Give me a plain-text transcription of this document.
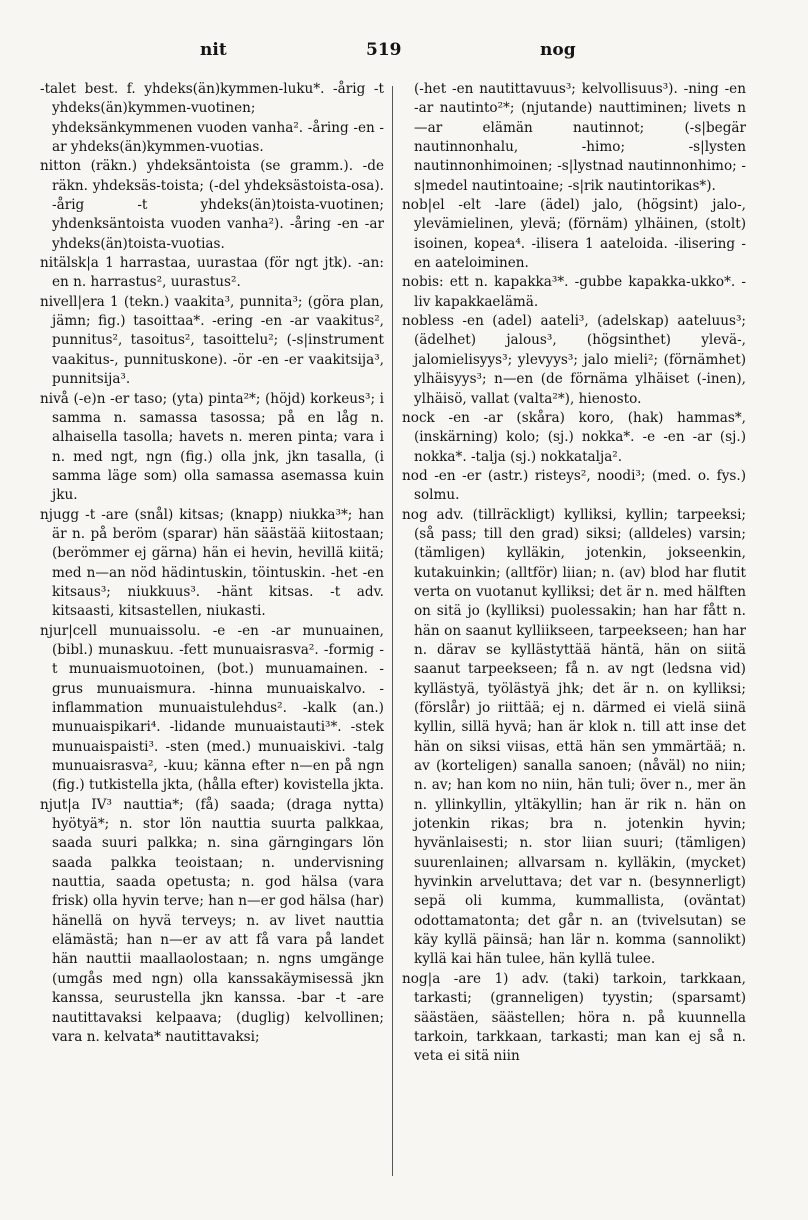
nit	519	nog

-talet best. f. yhdeks(än)kymmen-luku*. -årig -t yhdeks(än)kymmen-vuotinen; yhdeksänkymmenen vuoden vanha². -åring -en -ar yhdeks(än)kymmen-vuotias.

nitton (räkn.) yhdeksäntoista (se gramm.). -de räkn. yhdeksäs-toista; (-del yhdeksästoista-osa). -årig -t yhdeks(än)toista-vuotinen; yhdenksäntoista vuoden vanha²). -åring -en -ar yhdeks(än)toista-vuotias.

nitälsk|a 1 harrastaa, uurastaa (för ngt jtk). -an: en n. harrastus², uurastus².

nivell|era 1 (tekn.) vaakita³, punnita³; (göra plan, jämn; fig.) tasoittaa*. -ering -en -ar vaakitus², punnitus², tasoitus², tasoittelu²; (-s|instrument vaakitus-, punnituskone). -ör -en -er vaakitsija³, punnitsija³.

nivå (-e)n -er taso; (yta) pinta²*; (höjd) korkeus³; i samma n. samassa tasossa; på en låg n. alhaisella tasolla; havets n. meren pinta; vara i n. med ngt, ngn (fig.) olla jnk, jkn tasalla, (i samma läge som) olla samassa asemassa kuin jku.

njugg -t -are (snål) kitsas; (knapp) niukka³*; han är n. på beröm (sparar) hän säästää kiitostaan; (berömmer ej gärna) hän ei hevin, hevillä kiitä; med n—an nöd hädintuskin, töintuskin. -het -en kitsaus³; niukkuus³. -hänt kitsas. -t adv. kitsaasti, kitsastellen, niukasti.

njur|cell munuaissolu. -e -en -ar munuainen, (bibl.) munaskuu. -fett munuaisrasva². -formig -t munuaismuotoinen, (bot.) munuamainen. -grus munuaismura. -hinna munuaiskalvo. -inflammation munuaistulehdus². -kalk (an.) munuaispikari⁴. -lidande munuaistauti³*. -stek munuaispaisti³. -sten (med.) munuaiskivi. -talg munuaisrasva², -kuu; känna efter n—en på ngn (fig.) tutkistella jkta, (hålla efter) kovistella jkta.

njut|a IV³ nauttia*; (få) saada; (draga nytta) hyötyä*; n. stor lön nauttia suurta palkkaa, saada suuri palkka; n. sina gärngingars lön saada palkka teoistaan; n. undervisning nauttia, saada opetusta; n. god hälsa (vara frisk) olla hyvin terve; han n—er god hälsa (har) hänellä on hyvä terveys; n. av livet nauttia elämästä; han n—er av att få vara på landet hän nauttii maallaolostaan; n. ngns umgänge (umgås med ngn) olla kanssakäymisessä jkn kanssa, seurustella jkn kanssa. -bar -t -are nautittavaksi kelpaava; (duglig) kelvollinen; vara n. kelvata* nautittavaksi;

(-het -en nautittavuus³; kelvollisuus³). -ning -en -ar nautinto²*; (njutande) nauttiminen; livets n—ar elämän nautinnot; (-s|begär nautinnonhalu, -himo; -s|lysten nautinnonhimoinen; -s|lystnad nautinnonhimo; -s|medel nautintoaine; -s|rik nautintorikas*).

nob|el -elt -lare (ädel) jalo, (högsint) jalo-, ylevämielinen, ylevä; (förnäm) ylhäinen, (stolt) isoinen, kopea⁴. -ilisera 1 aateloida. -ilisering -en aateloiminen.

nobis: ett n. kapakka³*. -gubbe kapakka-ukko*. -liv kapakkaelämä.

nobless -en (adel) aateli³, (adelskap) aateluus³; (ädelhet) jalous³, (högsinthet) ylevä-, jalomielisyys³; ylevyys³; jalo mieli²; (förnämhet) ylhäisyys³; n—en (de förnäma ylhäiset (-inen), ylhäisö, vallat (valta²*), hienosto.

nock -en -ar (skåra) koro, (hak) hammas*, (inskärning) kolo; (sj.) nokka*. -e -en -ar (sj.) nokka*. -talja (sj.) nokkatalja².

nod -en -er (astr.) risteys², noodi³; (med. o. fys.) solmu.

nog adv. (tillräckligt) kylliksi, kyllin; tarpeeksi; (så pass; till den grad) siksi; (alldeles) varsin; (tämligen) kylläkin, jotenkin, jokseenkin, kutakuinkin; (alltför) liian; n. (av) blod har flutit verta on vuotanut kylliksi; det är n. med hälften on sitä jo (kylliksi) puolessakin; han har fått n. hän on saanut kylliikseen, tarpeekseen; han har n. därav se kyllästyttää häntä, hän on siitä saanut tarpeekseen; få n. av ngt (ledsna vid) kyllästyä, työlästyä jhk; det är n. on kylliksi; (förslår) jo riittää; ej n. därmed ei vielä siinä kyllin, sillä hyvä; han är klok n. till att inse det hän on siksi viisas, että hän sen ymmärtää; n. av (korteligen) sanalla sanoen; (nåväl) no niin; n. av; han kom no niin, hän tuli; över n., mer än n. yllinkyllin, yltäkyllin; han är rik n. hän on jotenkin rikas; bra n. jotenkin hyvin; hyvänlaisesti; n. stor liian suuri; (tämligen) suurenlainen; allvarsam n. kylläkin, (mycket) hyvinkin arveluttava; det var n. (besynnerligt) sepä oli kumma, kummallista, (oväntat) odottamatonta; det går n. an (tvivelsutan) se käy kyllä päinsä; han lär n. komma (sannolikt) kyllä kai hän tulee, hän kyllä tulee.

nog|a -are 1) adv. (taki) tarkoin, tarkkaan, tarkasti; (granneligen) tyystin; (sparsamt) säästäen, säästellen; höra n. på kuunnella tarkoin, tarkkaan, tarkasti; man kan ej så n. veta ei sitä niin
